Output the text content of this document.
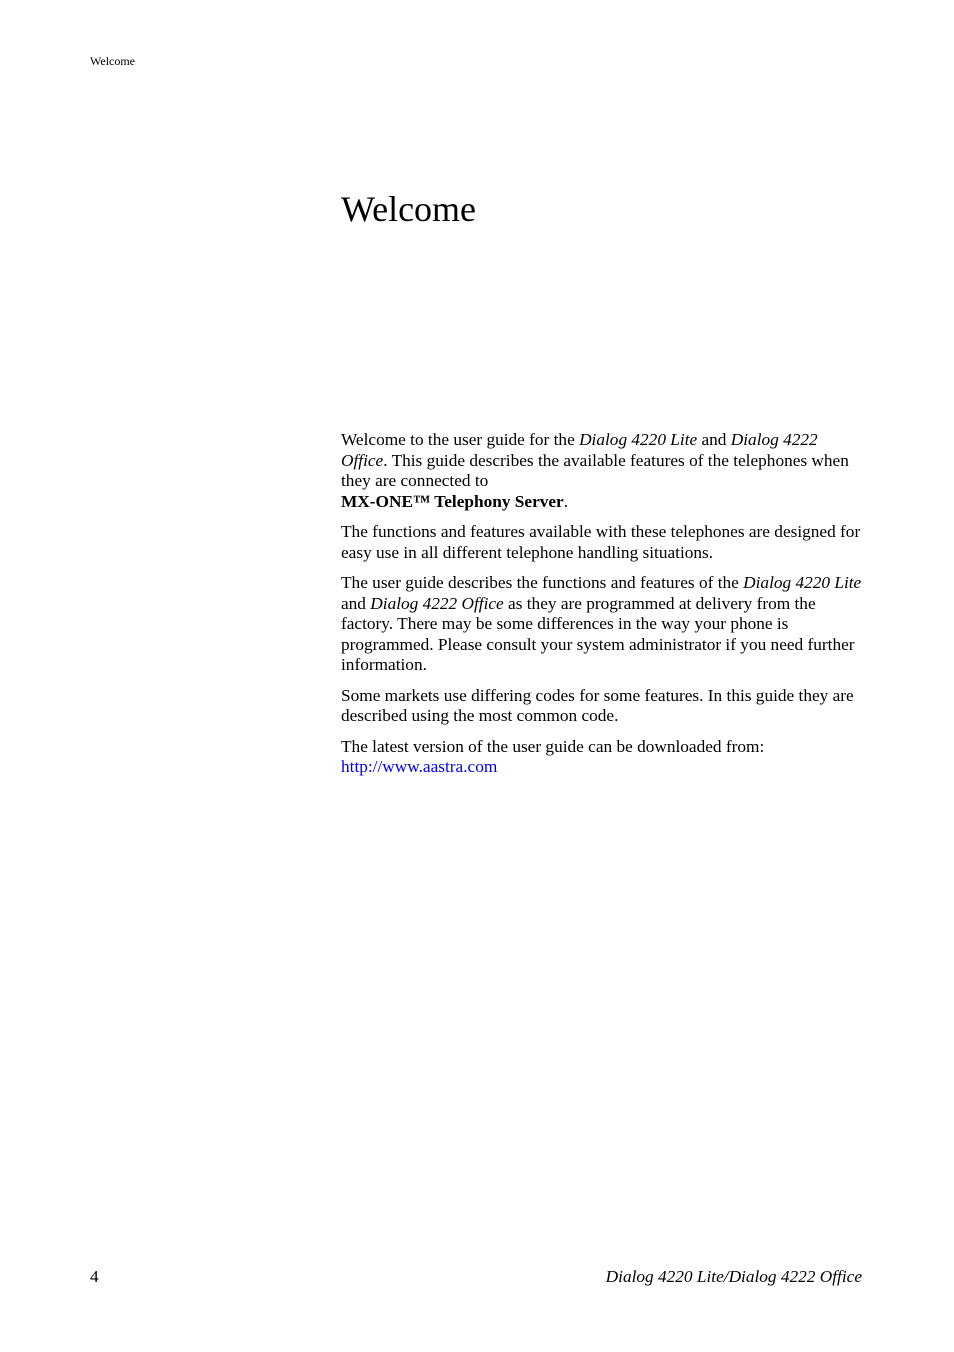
Welcome
Welcome

Welcome to the user guide for the Dialog 4220 Lite and Dialog 4222 Office. This guide describes the available features of the telephones when they are connected to
MX-ONE™ Telephony Server.

The functions and features available with these telephones are designed for easy use in all different telephone handling situations.

The user guide describes the functions and features of the Dialog 4220 Lite and Dialog 4222 Office as they are programmed at delivery from the factory. There may be some differences in the way your phone is programmed. Please consult your system administrator if you need further information.

Some markets use differing codes for some features. In this guide they are described using the most common code.

The latest version of the user guide can be downloaded from:
http://www.aastra.com

4	Dialog 4220 Lite/Dialog 4222 Office
